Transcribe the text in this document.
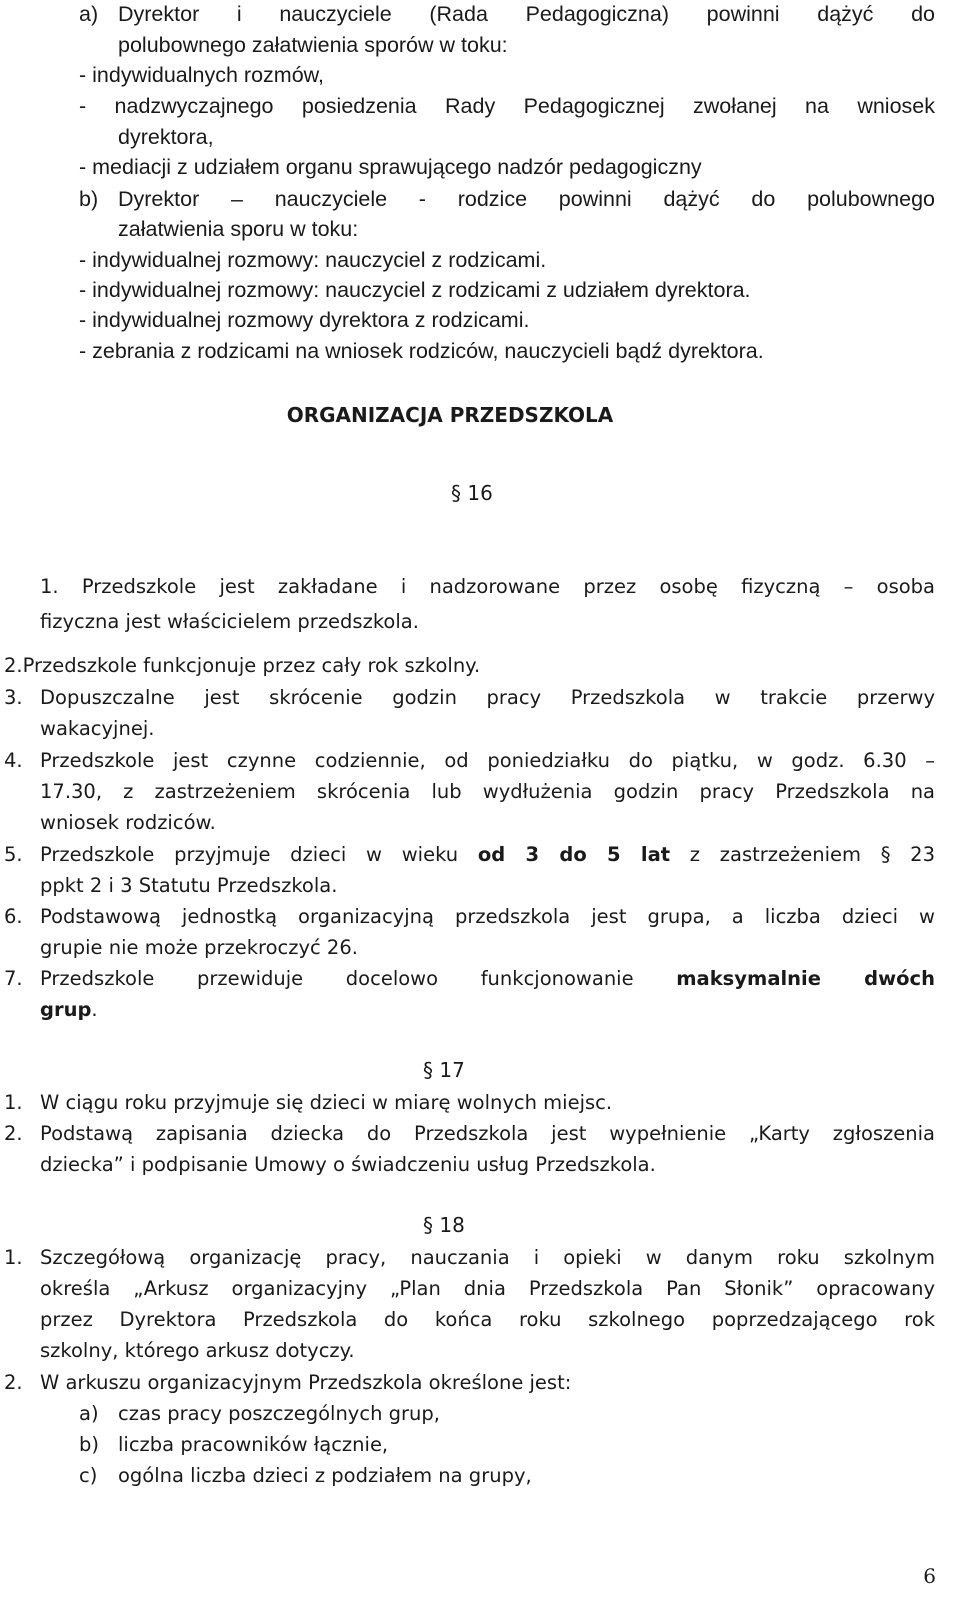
a) Dyrektor i nauczyciele (Rada Pedagogiczna) powinni dążyć do
polubownego załatwienia sporów w toku:
- indywidualnych rozmów,
- nadzwyczajnego posiedzenia Rady Pedagogicznej zwołanej na wniosek
dyrektora,
- mediacji z udziałem organu sprawującego nadzór pedagogiczny
b) Dyrektor – nauczyciele - rodzice powinni dążyć do polubownego
załatwienia sporu w toku:
- indywidualnej rozmowy: nauczyciel z rodzicami.
- indywidualnej rozmowy: nauczyciel z rodzicami z udziałem dyrektora.
- indywidualnej rozmowy dyrektora z rodzicami.
- zebrania z rodzicami na wniosek rodziców, nauczycieli bądź dyrektora.
ORGANIZACJA PRZEDSZKOLA
§ 16
1. Przedszkole jest zakładane i nadzorowane przez osobę fizyczną – osoba
fizyczna jest właścicielem przedszkola.
2.Przedszkole funkcjonuje przez cały rok szkolny.
3. Dopuszczalne jest skrócenie godzin pracy Przedszkola w trakcie przerwy
wakacyjnej.
4. Przedszkole jest czynne codziennie, od poniedziałku do piątku, w godz. 6.30 –
17.30, z zastrzeżeniem skrócenia lub wydłużenia godzin pracy Przedszkola na
wniosek rodziców.
5. Przedszkole przyjmuje dzieci w wieku od 3 do 5 lat z zastrzeżeniem § 23
ppkt 2 i 3 Statutu Przedszkola.
6. Podstawową jednostką organizacyjną przedszkola jest grupa, a liczba dzieci w
grupie nie może przekroczyć 26.
7. Przedszkole przewiduje docelowo funkcjonowanie maksymalnie dwóch
grup.
§ 17
1. W ciągu roku przyjmuje się dzieci w miarę wolnych miejsc.
2. Podstawą zapisania dziecka do Przedszkola jest wypełnienie „Karty zgłoszenia
dziecka” i podpisanie Umowy o świadczeniu usług Przedszkola.
§ 18
1. Szczegółową organizację pracy, nauczania i opieki w danym roku szkolnym
określa „Arkusz organizacyjny „Plan dnia Przedszkola Pan Słonik” opracowany
przez Dyrektora Przedszkola do końca roku szkolnego poprzedzającego rok
szkolny, którego arkusz dotyczy.
2. W arkuszu organizacyjnym Przedszkola określone jest:
a) czas pracy poszczególnych grup,
b) liczba pracowników łącznie,
c) ogólna liczba dzieci z podziałem na grupy,
6
